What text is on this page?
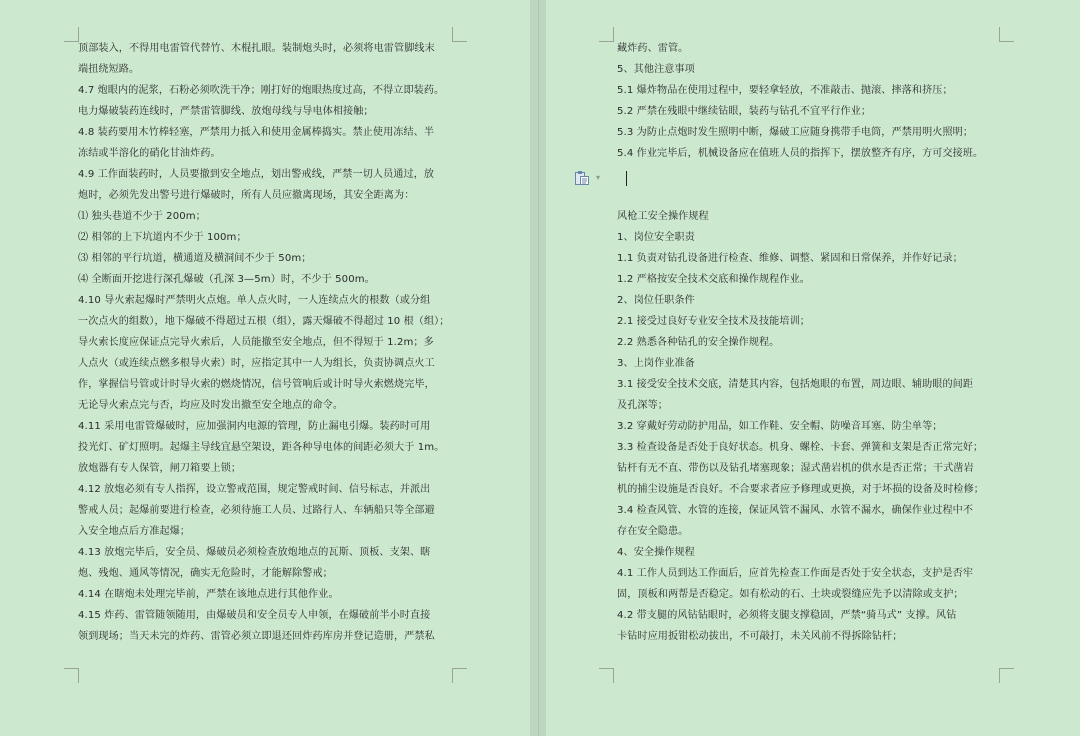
顶部装入，不得用电雷管代替竹、木棍扎眼。装制炮头时，必须将电雷管脚线末
端扭绕短路。
4.7 炮眼内的泥浆，石粉必须吹洗干净；刚打好的炮眼热度过高，不得立即装药。
电力爆破装药连线时，严禁雷管脚线、放炮母线与导电体相接触；
4.8 装药要用木竹棒轻塞，严禁用力抵入和使用金属棒捣实。禁止使用冻结、半
冻结或半溶化的硝化甘油炸药。
4.9 工作面装药时，人员要撤到安全地点，划出警戒线，严禁一切人员通过，放
炮时，必须先发出警号进行爆破时，所有人员应撤离现场，其安全距离为：
⑴ 独头巷道不少于 200m；
⑵ 相邻的上下坑道内不少于 100m；
⑶ 相邻的平行坑道，横通道及横洞间不少于 50m；
⑷ 全断面开挖进行深孔爆破（孔深 3—5m）时，不少于 500m。
4.10 导火索起爆时严禁明火点炮。单人点火时，一人连续点火的根数（或分组
一次点火的组数），地下爆破不得超过五根（组），露天爆破不得超过 10 根（组）；
导火索长度应保证点完导火索后，人员能撤至安全地点，但不得短于 1.2m；多
人点火（或连续点燃多根导火索）时，应指定其中一人为组长，负责协调点火工
作，掌握信号管或计时导火索的燃烧情况，信号管响后或计时导火索燃烧完毕，
无论导火索点完与否，均应及时发出撤至安全地点的命令。
4.11 采用电雷管爆破时，应加强洞内电源的管理，防止漏电引爆。装药时可用
投光灯、矿灯照明。起爆主导线宜悬空架设，距各种导电体的间距必须大于 1m。
放炮器有专人保管，闸刀箱要上锁；
4.12 放炮必须有专人指挥，设立警戒范围，规定警戒时间、信号标志，并派出
警戒人员；起爆前要进行检查，必须待施工人员、过路行人、车辆船只等全部避
入安全地点后方准起爆；
4.13 放炮完毕后，安全员、爆破员必须检查放炮地点的瓦斯、顶板、支架、瞎
炮、残炮、通风等情况，确实无危险时，才能解除警戒；
4.14 在瞎炮未处理完毕前，严禁在该地点进行其他作业。
4.15 炸药、雷管随领随用，由爆破员和安全员专人申领，在爆破前半小时直接
领到现场；当天未完的炸药、雷管必须立即退还回炸药库房并登记造册，严禁私
▾
藏炸药、雷管。
5、其他注意事项
5.1 爆炸物品在使用过程中，要轻拿轻放，不准敲击、抛滚、摔落和挤压；
5.2 严禁在残眼中继续钻眼，装药与钻孔不宜平行作业；
5.3 为防止点炮时发生照明中断，爆破工应随身携带手电筒，严禁用明火照明；
5.4 作业完毕后，机械设备应在值班人员的指挥下，摆放整齐有序，方可交接班。
风枪工安全操作规程
1、岗位安全职责
1.1 负责对钻孔设备进行检查、维修、调整、紧固和日常保养，并作好记录；
1.2 严格按安全技术交底和操作规程作业。
2、岗位任职条件
2.1 接受过良好专业安全技术及技能培训；
2.2 熟悉各种钻孔的安全操作规程。
3、上岗作业准备
3.1 接受安全技术交底，清楚其内容，包括炮眼的布置，周边眼、辅助眼的间距
及孔深等；
3.2 穿戴好劳动防护用品，如工作鞋、安全帽、防噪音耳塞、防尘单等；
3.3 检查设备是否处于良好状态。机身、螺栓、卡套、弹簧和支架是否正常完好；
钻杆有无不直、带伤以及钻孔堵塞现象；湿式凿岩机的供水是否正常；干式凿岩
机的捕尘设施是否良好。不合要求者应予修理或更换，对于坏损的设备及时检修；
3.4 检查风管、水管的连接，保证风管不漏风、水管不漏水，确保作业过程中不
存在安全隐患。
4、安全操作规程
4.1 工作人员到达工作面后，应首先检查工作面是否处于安全状态，支护是否牢
固，顶板和两帮是否稳定。如有松动的石、土块或裂缝应先予以清除或支护；
4.2 带支腿的风钻钻眼时，必须将支腿支撑稳固，严禁“骑马式” 支撑。风钻
卡钻时应用扳钳松动拔出，不可敲打，未关风前不得拆除钻杆；
